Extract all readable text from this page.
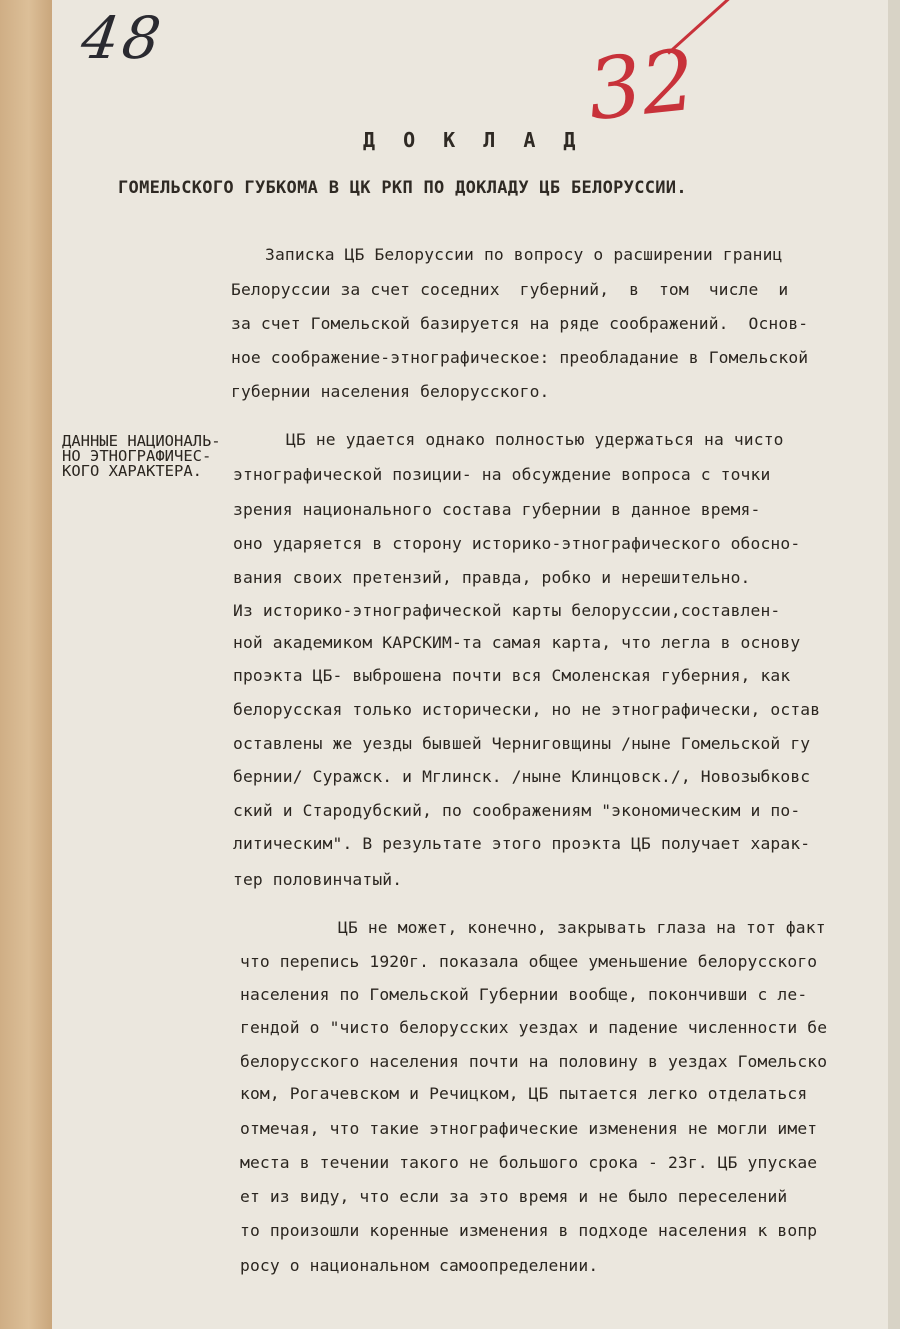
48	32
Д О К Л А Д
ГОМЕЛЬСКОГО ГУБКОМА В ЦК РКП ПО ДОКЛАДУ ЦБ БЕЛОРУССИИ.
ДАННЫЕ НАЦИОНАЛЬ-
НО ЭТНОГРАФИЧЕС-
КОГО ХАРАКТЕРА.
Записка ЦБ Белоруссии по вопросу о расширении границ
Белоруссии за счет соседних  губерний,  в  том  числе  и
за счет Гомельской базируется на ряде соображений.  Основ-
ное соображение-этнографическое: преобладание в Гомельской
губернии населения белорусского.
ЦБ не удается однако полностью удержаться на чисто
этнографической позиции- на обсуждение вопроса с точки
зрения национального состава губернии в данное время-
оно ударяется в сторону историко-этнографического обосно-
вания своих претензий, правда, робко и нерешительно.
Из историко-этнографической карты белоруссии,составлен-
ной академиком КАРСКИМ-та самая карта, что легла в основу
проэкта ЦБ- выброшена почти вся Смоленская губерния, как
белорусская только исторически, но не этнографически, остав
оставлены же уезды бывшей Черниговщины /ныне Гомельской гу
бернии/ Суражск. и Мглинск. /ныне Клинцовск./, Новозыбковс
ский и Стародубский, по соображениям "экономическим и по-
литическим". В результате этого проэкта ЦБ получает харак-
тер половинчатый.
ЦБ не может, конечно, закрывать глаза на тот факт
что перепись 1920г. показала общее уменьшение белорусского
населения по Гомельской Губернии вообще, покончивши с ле-
гендой о "чисто белорусских уездах и падение численности бе
белорусского населения почти на половину в уездах Гомельско
ком, Рогачевском и Речицком, ЦБ пытается легко отделаться
отмечая, что такие этнографические изменения не могли имет
места в течении такого не большого срока - 23г. ЦБ упускае
ет из виду, что если за это время и не было переселений
то произошли коренные изменения в подходе населения к вопр
росу о национальном самоопределении.
